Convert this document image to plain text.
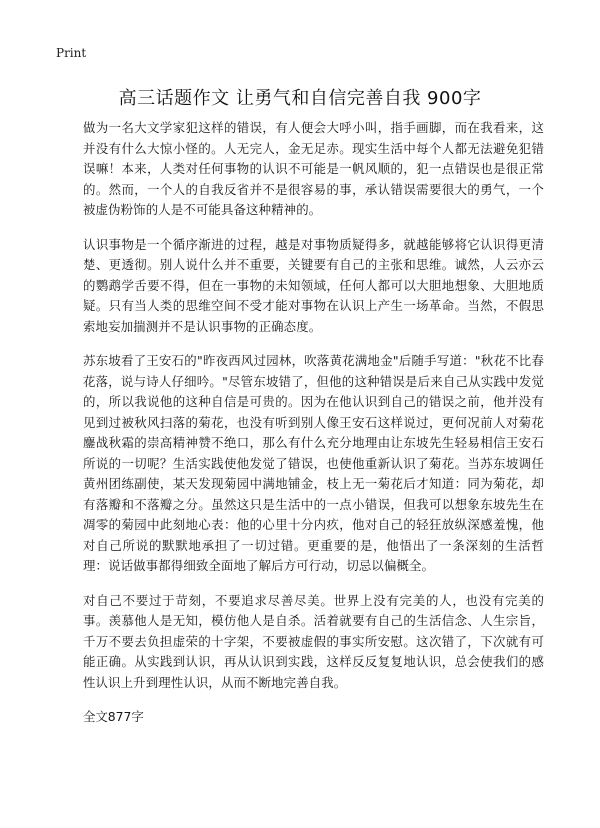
Print
高三话题作文 让勇气和自信完善自我 900字

做为一名大文学家犯这样的错误，有人便会大呼小叫，指手画脚，而在我看来，这并没有什么大惊小怪的。人无完人，金无足赤。现实生活中每个人都无法避免犯错误嘛！本来，人类对任何事物的认识不可能是一帆风顺的，犯一点错误也是很正常的。然而，一个人的自我反省并不是很容易的事，承认错误需要很大的勇气，一个被虚伪粉饰的人是不可能具备这种精神的。

认识事物是一个循序渐进的过程，越是对事物质疑得多，就越能够将它认识得更清楚、更透彻。别人说什么并不重要，关键要有自己的主张和思维。诚然，人云亦云的鹦鹉学舌要不得，但在一事物的未知领域，任何人都可以大胆地想象、大胆地质疑。只有当人类的思维空间不受才能对事物在认识上产生一场革命。当然，不假思索地妄加揣测并不是认识事物的正确态度。

苏东坡看了王安石的"昨夜西风过园林，吹落黄花满地金"后随手写道："秋花不比春花落，说与诗人仔细吟。"尽管东坡错了，但他的这种错误是后来自己从实践中发觉的，所以我说他的这种自信是可贵的。因为在他认识到自己的错误之前，他并没有见到过被秋风扫落的菊花，也没有听到别人像王安石这样说过，更何况前人对菊花鏖战秋霜的崇高精神赞不绝口，那么有什么充分地理由让东坡先生轻易相信王安石所说的一切呢？生活实践使他发觉了错误，也使他重新认识了菊花。当苏东坡调任黄州团练副使，某天发现菊园中满地铺金，枝上无一菊花后才知道：同为菊花，却有落瓣和不落瓣之分。虽然这只是生活中的一点小错误，但我可以想象东坡先生在凋零的菊园中此刻地心表：他的心里十分内疚，他对自己的轻狂放纵深感羞愧，他对自己所说的默默地承担了一切过错。更重要的是，他悟出了一条深刻的生活哲理：说话做事都得细致全面地了解后方可行动，切忌以偏概全。

对自己不要过于苛刻，不要追求尽善尽美。世界上没有完美的人，也没有完美的事。羡慕他人是无知，模仿他人是自杀。活着就要有自己的生活信念、人生宗旨，千万不要去负担虚荣的十字架，不要被虚假的事实所安慰。这次错了，下次就有可能正确。从实践到认识，再从认识到实践，这样反反复复地认识，总会使我们的感性认识上升到理性认识，从而不断地完善自我。

全文877字
